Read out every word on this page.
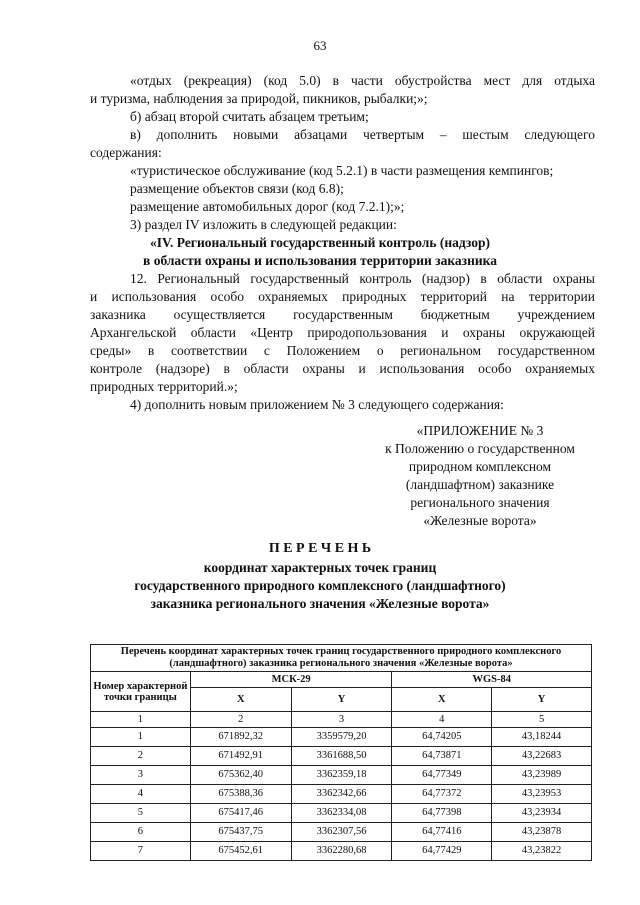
63
«отдых (рекреация) (код 5.0) в части обустройства мест для отдыха
и туризма, наблюдения за природой, пикников, рыбалки;»;
б) абзац второй считать абзацем третьим;
в) дополнить новыми абзацами четвертым – шестым следующего
содержания:
«туристическое обслуживание (код 5.2.1) в части размещения кемпингов;
размещение объектов связи (код 6.8);
размещение автомобильных дорог (код 7.2.1);»;
3) раздел IV изложить в следующей редакции:
«IV. Региональный государственный контроль (надзор)
в области охраны и использования территории заказника
12. Региональный государственный контроль (надзор) в области охраны
и использования особо охраняемых природных территорий на территории
заказника осуществляется государственным бюджетным учреждением
Архангельской области «Центр природопользования и охраны окружающей
среды» в соответствии с Положением о региональном государственном
контроле (надзоре) в области охраны и использования особо охраняемых
природных территорий.»;
4) дополнить новым приложением № 3 следующего содержания:
«ПРИЛОЖЕНИЕ № 3
к Положению о государственном
природном комплексном
(ландшафтном) заказнике
регионального значения
«Железные ворота»
П Е Р Е Ч Е Н Ь
координат характерных точек границ
государственного природного комплексного (ландшафтного)
заказника регионального значения «Железные ворота»
Перечень координат характерных точек границ государственного природного комплексного (ландшафтного) заказника регионального значения «Железные ворота»				
Номер характерной точки границы	МСК-29		WGS-84	
	X	Y	X	Y
1	2	3	4	5
1	671892,32	3359579,20	64,74205	43,18244
2	671492,91	3361688,50	64,73871	43,22683
3	675362,40	3362359,18	64,77349	43,23989
4	675388,36	3362342,66	64,77372	43,23953
5	675417,46	3362334,08	64,77398	43,23934
6	675437,75	3362307,56	64,77416	43,23878
7	675452,61	3362280,68	64,77429	43,23822
